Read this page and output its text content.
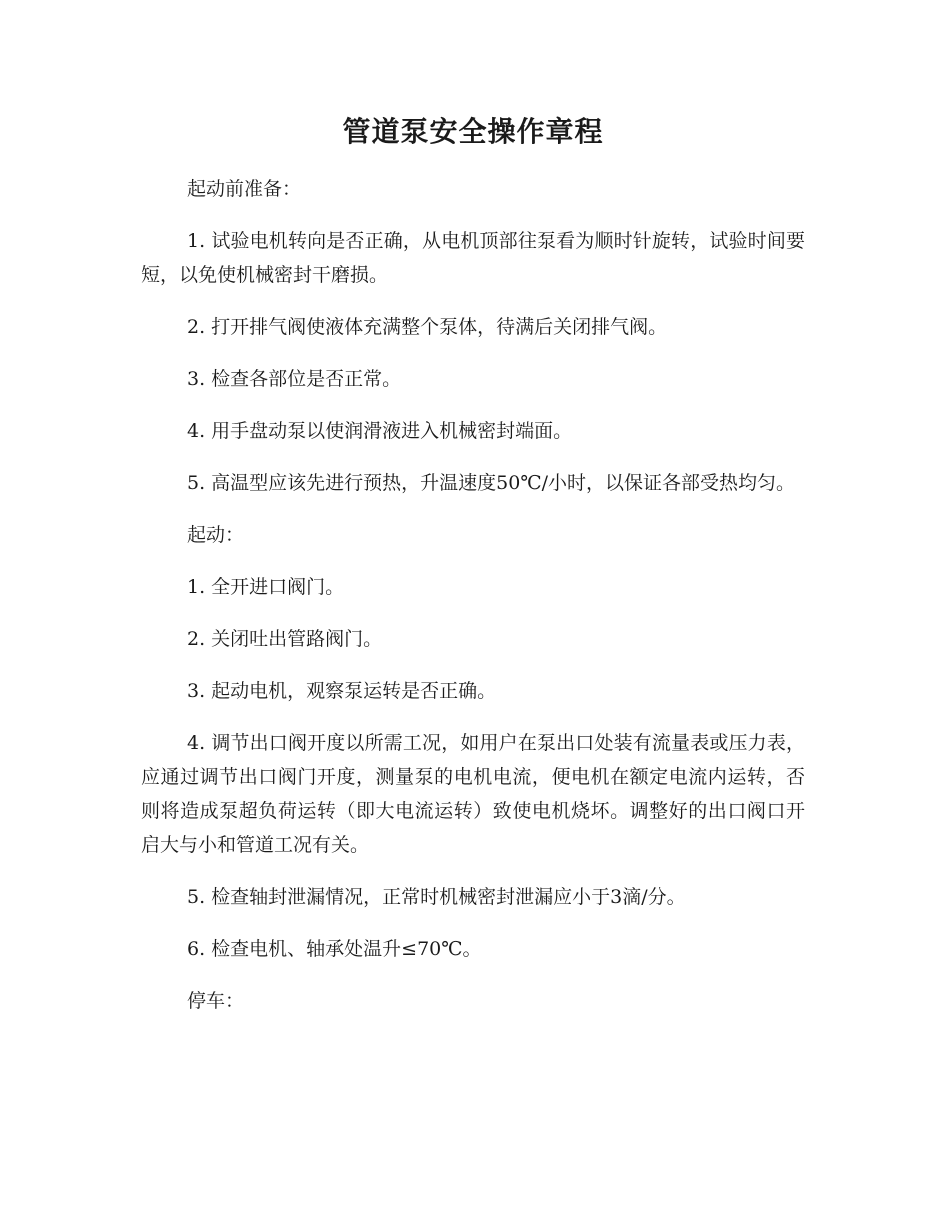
管道泵安全操作章程
起动前准备：
1. 试验电机转向是否正确，从电机顶部往泵看为顺时针旋转，试验时间要短，以免使机械密封干磨损。
2. 打开排气阀使液体充满整个泵体，待满后关闭排气阀。
3. 检查各部位是否正常。
4. 用手盘动泵以使润滑液进入机械密封端面。
5. 高温型应该先进行预热，升温速度50℃/小时，以保证各部受热均匀。
起动：
1. 全开进口阀门。
2. 关闭吐出管路阀门。
3. 起动电机，观察泵运转是否正确。
4. 调节出口阀开度以所需工况，如用户在泵出口处装有流量表或压力表，应通过调节出口阀门开度，测量泵的电机电流，便电机在额定电流内运转，否则将造成泵超负荷运转（即大电流运转）致使电机烧坏。调整好的出口阀口开启大与小和管道工况有关。
5. 检查轴封泄漏情况，正常时机械密封泄漏应小于3滴/分。
6. 检查电机、轴承处温升≤70℃。
停车：
